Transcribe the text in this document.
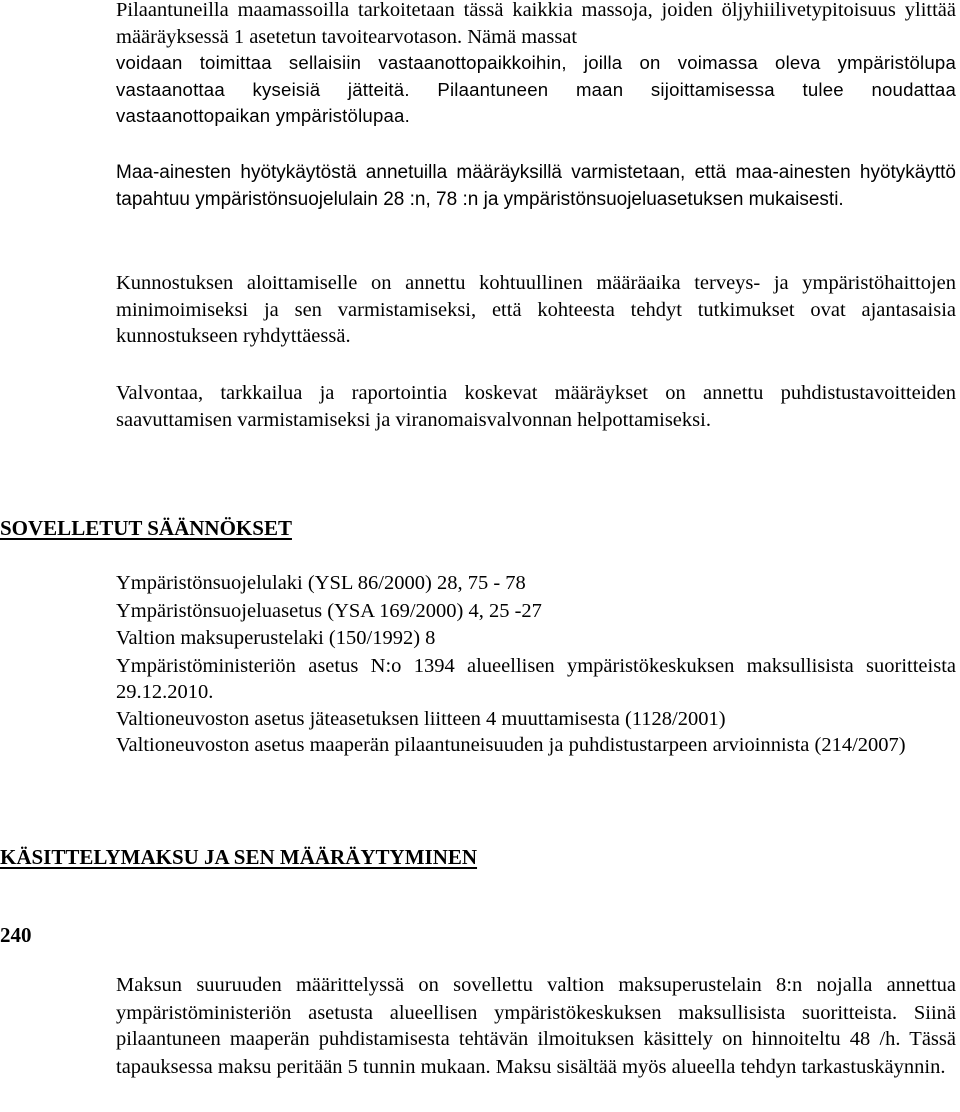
Pilaantuneilla maamassoilla tarkoitetaan tässä kaikkia massoja, joiden öljyhiilivetypitoisuus ylittää määräyksessä 1 asetetun tavoitearvotason. Nämä massat
voidaan toimittaa sellaisiin vastaanottopaikkoihin, joilla on voimassa oleva ympäristölupa vastaanottaa kyseisiä jätteitä. Pilaantuneen maan sijoittamisessa tulee noudattaa vastaanottopaikan ympäristölupaa.
Maa-ainesten hyötykäytöstä annetuilla määräyksillä varmistetaan, että maa-ainesten hyötykäyttö tapahtuu ympäristönsuojelulain 28 :n, 78 :n ja ympäristönsuojeluasetuksen mukaisesti.
Kunnostuksen aloittamiselle on annettu kohtuullinen määräaika terveys- ja ympäristöhaittojen minimoimiseksi ja sen varmistamiseksi, että kohteesta tehdyt tutkimukset ovat ajantasaisia kunnostukseen ryhdyttäessä.
Valvontaa, tarkkailua ja raportointia koskevat määräykset on annettu puhdistustavoitteiden saavuttamisen varmistamiseksi ja viranomaisvalvonnan helpottamiseksi.
SOVELLETUT SÄÄNNÖKSET
Ympäristönsuojelulaki (YSL 86/2000) 28, 75 - 78
Ympäristönsuojeluasetus (YSA 169/2000) 4, 25 -27
Valtion maksuperustelaki (150/1992) 8
Ympäristöministeriön asetus N:o 1394 alueellisen ympäristökeskuksen maksullisista suoritteista 29.12.2010.
Valtioneuvoston asetus jäteasetuksen liitteen 4 muuttamisesta (1128/2001)
Valtioneuvoston asetus maaperän pilaantuneisuuden ja puhdistustarpeen arvioinnista (214/2007)
KÄSITTELYMAKSU JA SEN MÄÄRÄYTYMINEN
240
Maksun suuruuden määrittelyssä on sovellettu valtion maksuperustelain 8:n nojalla annettua ympäristöministeriön asetusta alueellisen ympäristökeskuksen maksullisista suoritteista. Siinä pilaantuneen maaperän puhdistamisesta tehtävän ilmoituksen käsittely on hinnoiteltu 48 /h. Tässä tapauksessa maksu peritään 5 tunnin mukaan. Maksu sisältää myös alueella tehdyn tarkastuskäynnin.
